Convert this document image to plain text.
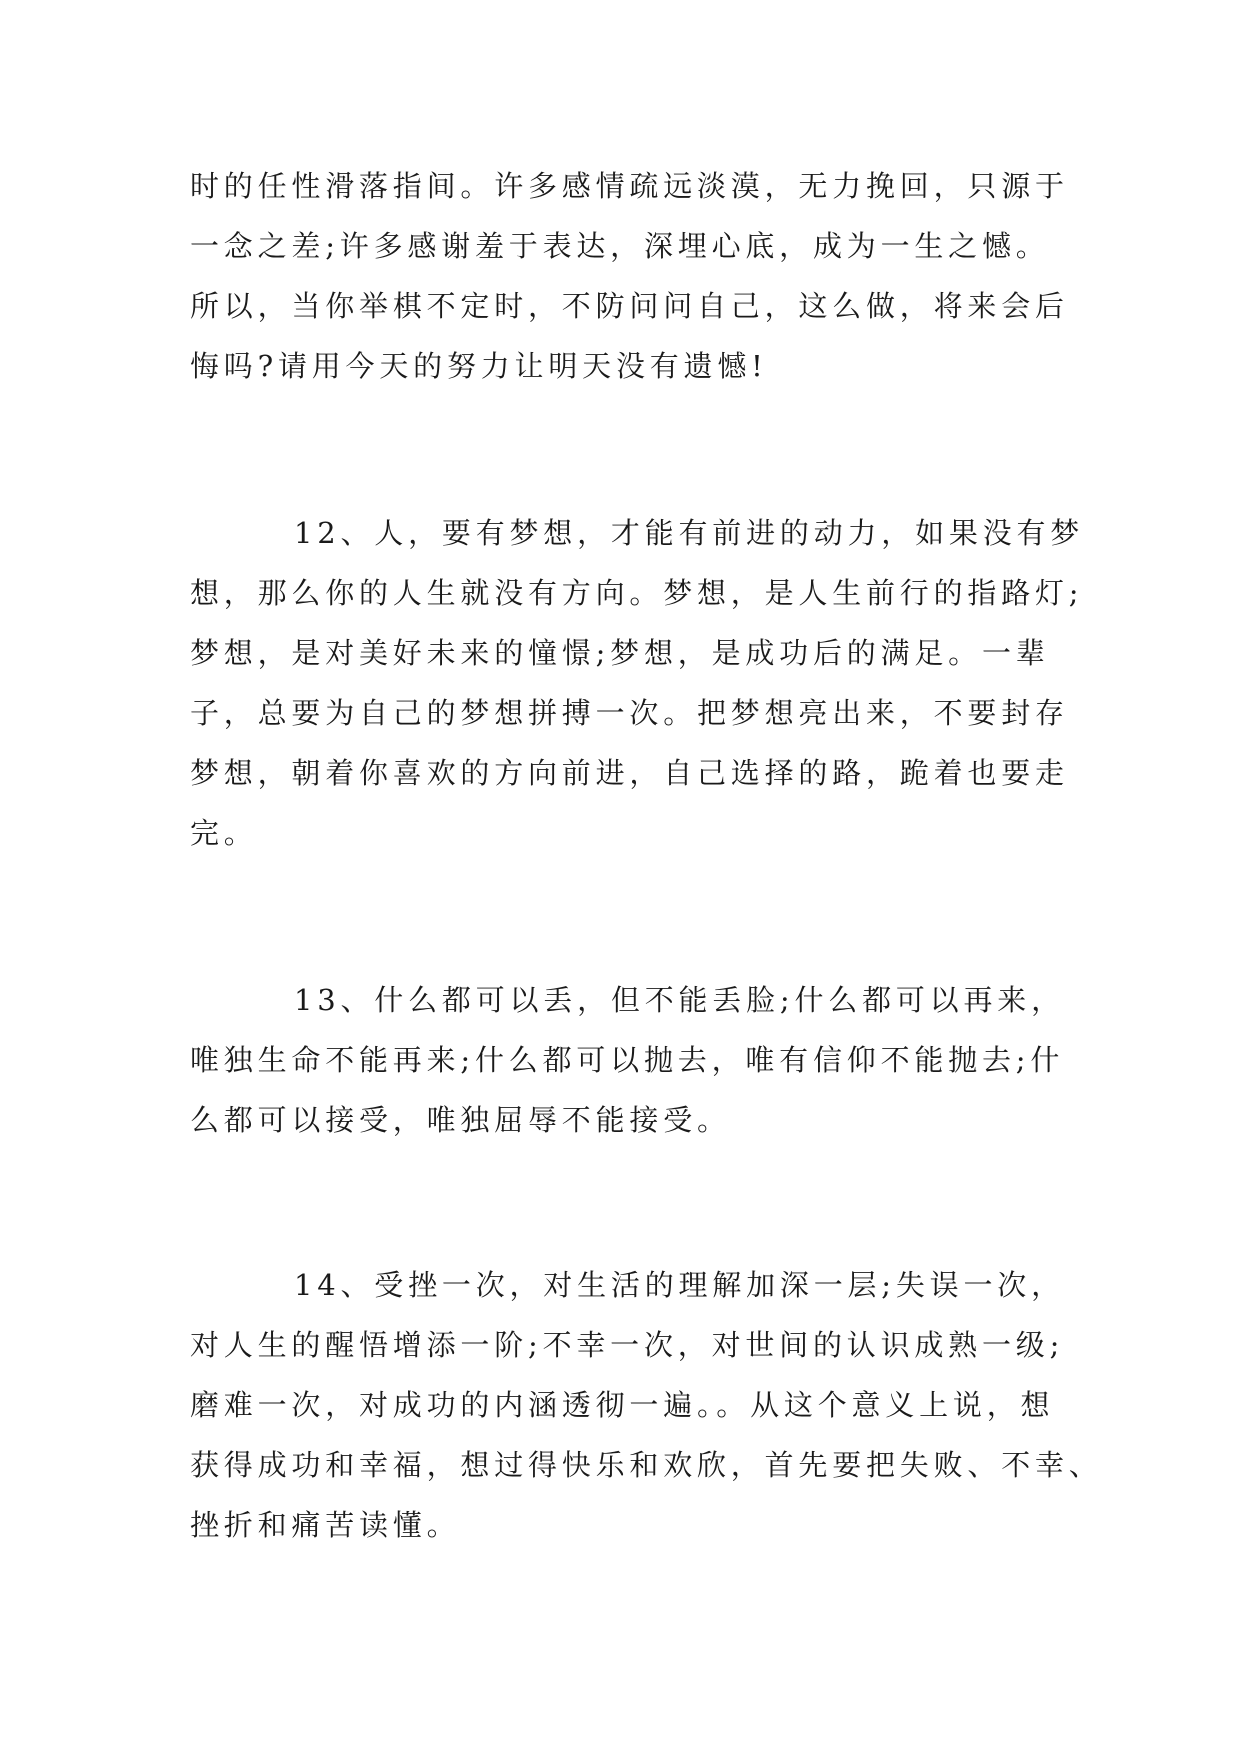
时的任性滑落指间。许多感情疏远淡漠，无力挽回，只源于
一念之差;许多感谢羞于表达，深埋心底，成为一生之憾。
所以，当你举棋不定时，不防问问自己，这么做，将来会后
悔吗?请用今天的努力让明天没有遗憾!
12、人，要有梦想，才能有前进的动力，如果没有梦
想，那么你的人生就没有方向。梦想，是人生前行的指路灯;
梦想，是对美好未来的憧憬;梦想，是成功后的满足。一辈
子，总要为自己的梦想拼搏一次。把梦想亮出来，不要封存
梦想，朝着你喜欢的方向前进，自己选择的路，跪着也要走
完。
13、什么都可以丢，但不能丢脸;什么都可以再来，
唯独生命不能再来;什么都可以抛去，唯有信仰不能抛去;什
么都可以接受，唯独屈辱不能接受。
14、受挫一次，对生活的理解加深一层;失误一次，
对人生的醒悟增添一阶;不幸一次，对世间的认识成熟一级;
磨难一次，对成功的内涵透彻一遍。。从这个意义上说，想
获得成功和幸福，想过得快乐和欢欣，首先要把失败、不幸、
挫折和痛苦读懂。
